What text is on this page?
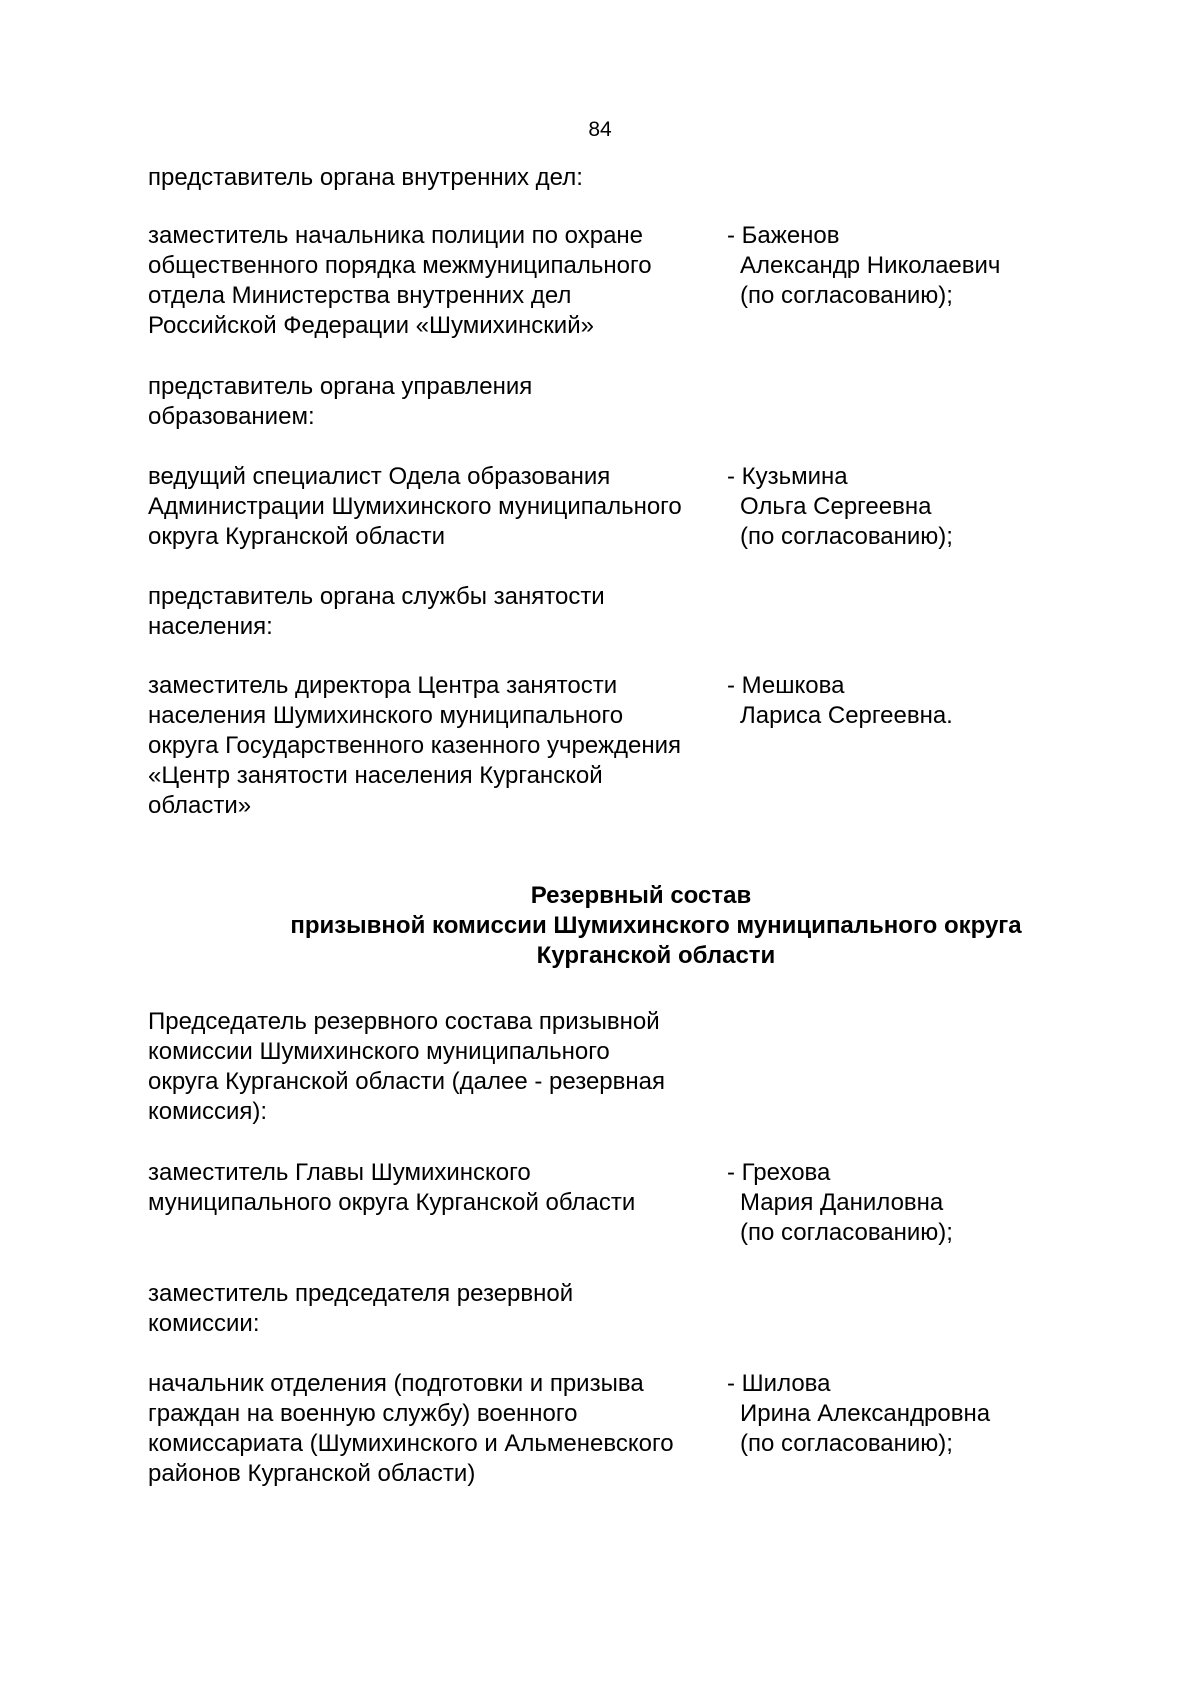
84
представитель органа внутренних дел:
заместитель начальника полиции по охране
общественного порядка межмуниципального
отдела Министерства внутренних дел
Российской Федерации «Шумихинский»
- Баженов
Александр Николаевич
(по согласованию);
представитель органа управления
образованием:
ведущий специалист Одела образования
Администрации Шумихинского муниципального
округа Курганской области
- Кузьмина
Ольга Сергеевна
(по согласованию);
представитель органа службы занятости
населения:
заместитель директора Центра занятости
населения Шумихинского муниципального
округа Государственного казенного учреждения
«Центр занятости населения Курганской
области»
- Мешкова
Лариса Сергеевна.
Резервный состав
призывной комиссии Шумихинского муниципального округа
Курганской области
Председатель резервного состава призывной
комиссии Шумихинского муниципального
округа Курганской области (далее - резервная
комиссия):
заместитель Главы Шумихинского
муниципального округа Курганской области
- Грехова
Мария Даниловна
(по согласованию);
заместитель председателя резервной
комиссии:
начальник отделения (подготовки и призыва
граждан на военную службу) военного
комиссариата (Шумихинского и Альменевского
районов Курганской области)
- Шилова
Ирина Александровна
(по согласованию);
